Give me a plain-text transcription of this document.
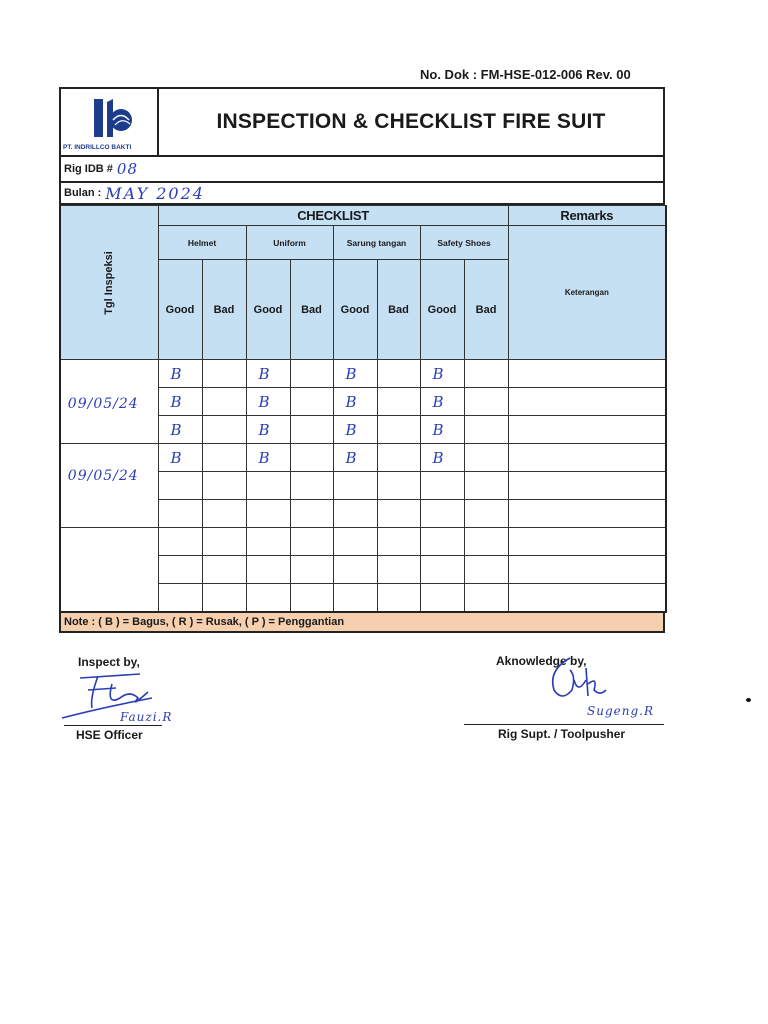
No. Dok : FM-HSE-012-006 Rev. 00
PT. INDRILLCO BAKTI
INSPECTION & CHECKLIST FIRE SUIT
Rig IDB # 08
Bulan : MAY 2024
Tgl Inspeksi	CHECKLIST								Remarks
	Helmet		Uniform		Sarung tangan		Safety Shoes		Keterangan
	Good	Bad	Good	Bad	Good	Bad	Good	Bad	
09/05/24	B		B		B		B		
	B		B		B		B		
	B		B		B		B		
09/05/24	B		B		B		B		

Note : ( B ) = Bagus, ( R ) = Rusak, ( P ) = Penggantian
Inspect by,
Fauzi.R
HSE Officer
Aknowledge by,
Sugeng.R
Rig Supt. / Toolpusher
